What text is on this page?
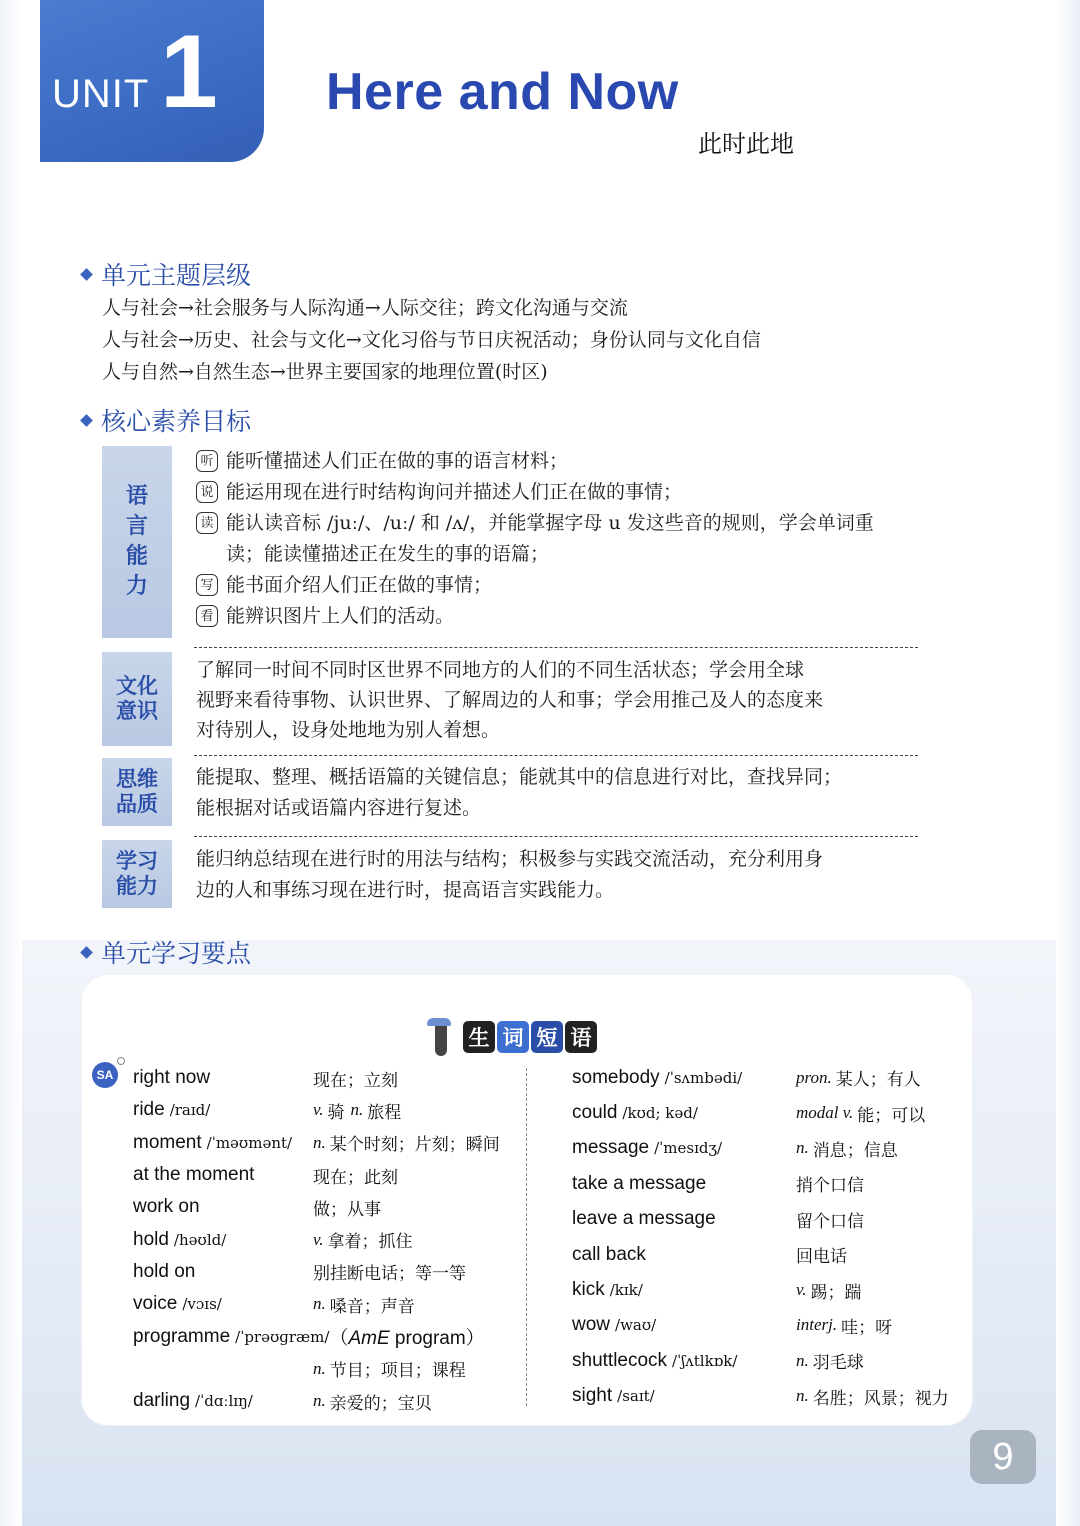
UNIT 1 Here and Now
此时此地
单元主题层级
人与社会→社会服务与人际沟通→人际交往；跨文化沟通与交流
人与社会→历史、社会与文化→文化习俗与节日庆祝活动；身份认同与文化自信
人与自然→自然生态→世界主要国家的地理位置(时区)
核心素养目标
语
言
能
力
听 能听懂描述人们正在做的事的语言材料；
说 能运用现在进行时结构询问并描述人们正在做的事情；
读 能认读音标 /juː/、/uː/ 和 /ʌ/，并能掌握字母 u 发这些音的规则，学会单词重
读；能读懂描述正在发生的事的语篇；
写 能书面介绍人们正在做的事情；
看 能辨识图片上人们的活动。
文化
意识
了解同一时间不同时区世界不同地方的人们的不同生活状态；学会用全球
视野来看待事物、认识世界、了解周边的人和事；学会用推己及人的态度来
对待别人，设身处地地为别人着想。
思维
品质
能提取、整理、概括语篇的关键信息；能就其中的信息进行对比，查找异同；
能根据对话或语篇内容进行复述。
学习
能力
能归纳总结现在进行时的用法与结构；积极参与实践交流活动，充分利用身
边的人和事练习现在进行时，提高语言实践能力。
单元学习要点
生 词 短 语
SA right now	现在；立刻
ride /raɪd/	v. 骑 n. 旅程
moment /ˈməʊmənt/ n. 某个时刻；片刻；瞬间
at the moment	现在；此刻
work on	做；从事
hold /həʊld/	v. 拿着；抓住
hold on	别挂断电话；等一等
voice /vɔɪs/	n. 嗓音；声音
programme /ˈprəʊɡræm/ （AmE program）
n. 节目；项目；课程
darling /ˈdɑːlɪŋ/	n. 亲爱的；宝贝
somebody /ˈsʌmbədi/	pron. 某人；有人
could /kʊd; kəd/	modal v. 能；可以
message /ˈmesɪdʒ/	n. 消息；信息
take a message	捎个口信
leave a message	留个口信
call back	回电话
kick /kɪk/	v. 踢；踹
wow /waʊ/	interj. 哇；呀
shuttlecock /ˈʃʌtlkɒk/	n. 羽毛球
sight /saɪt/	n. 名胜；风景；视力
9
